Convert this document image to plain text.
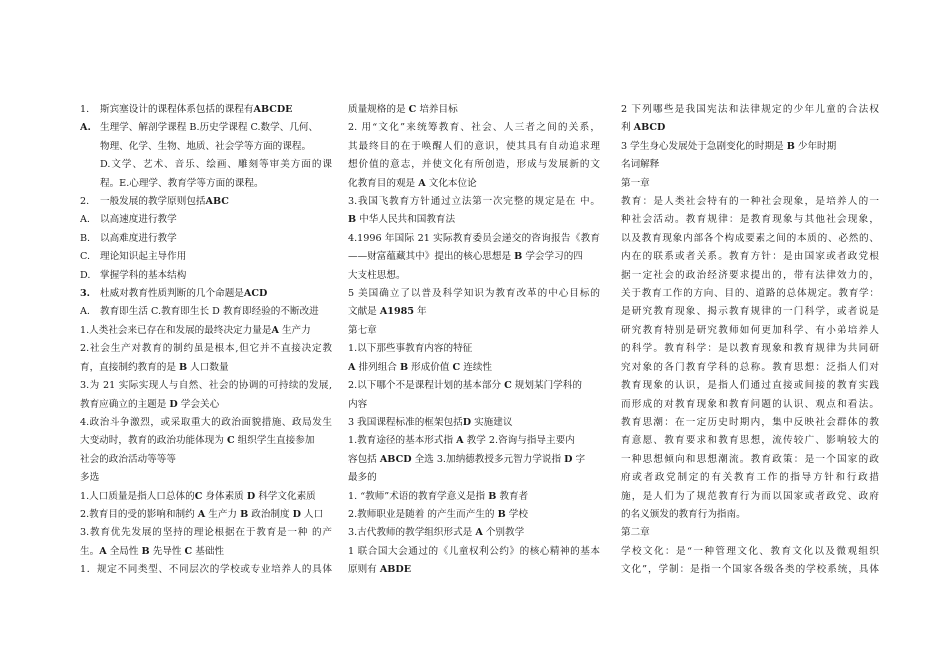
1. 斯宾塞设计的课程体系包括的课程有ABCDE
A. 生理学、解剖学课程 B.历史学课程 C.数学、几何、
物理、化学、生物、地质、社会学等方面的课程。
D.文学、艺术、音乐、绘画、雕刻等审美方面的课
程。E.心理学、教育学等方面的课程。
2. 一般发展的教学原则包括ABC
A. 以高速度进行教学
B. 以高难度进行教学
C. 理论知识起主导作用
D. 掌握学科的基本结构
3. 杜威对教育性质判断的几个命题是ACD
A. 教育即生活 C.教育即生长 D 教育即经验的不断改进
1.人类社会来已存在和发展的最终决定力量是A 生产力
2.社会生产对教育的制约虽是根本,但它并不直接决定教
育，直接制约教育的是 B 人口数量
3.为 21 实际实现人与自然、社会的协调的可持续的发展,
教育应确立的主题是 D 学会关心
4.政治斗争激烈，或采取重大的政治面貌措施、政局发生
大变动时，教育的政治功能体现为 C 组织学生直接参加
社会的政治活动等等等
多选
1.人口质量是指人口总体的C 身体素质 D 科学文化素质
2.教育目的受的影响和制约 A 生产力 B 政治制度 D 人口
3.教育优先发展的坚持的理论根据在于教育是一种 的产
生。A 全局性 B 先导性 C 基础性
1．规定不同类型、不同层次的学校或专业培养人的具体
质量规格的是 C 培养目标
2. 用“文化”来统筹教育、社会、人三者之间的关系，
其最终目的在于唤醒人们的意识，使其具有自动追求理
想价值的意志，并使文化有所创造，形成与发展新的文
化教育目的观是 A 文化本位论
3.我国飞教育方针通过立法第一次完整的规定是在 中。
B 中华人民共和国教育法
4.1996 年国际 21 实际教育委员会递交的咨询报告《教育
——财富蕴藏其中》提出的核心思想是 B 学会学习的四
大支柱思想。
5 美国确立了以普及科学知识为教育改革的中心目标的
文献是 A1985 年
第七章
1.以下那些事教育内容的特征
A 排列组合 B 形成价值 C 连续性
2.以下哪个不是课程计划的基本部分 C 规划某门学科的
内容
3 我国课程标准的框架包括D 实施建议
1.教育途径的基本形式指 A 教学 2.咨询与指导主要内
容包括 ABCD 全选 3.加纳德教授多元智力学说指 D 字
最多的
1. “教师”术语的教育学意义是指 B 教育者
2.教师职业是随着 的产生而产生的 B 学校
3.古代教师的教学组织形式是 A 个别教学
1 联合国大会通过的《儿童权利公约》的核心精神的基本
原则有 ABDE
2 下列哪些是我国宪法和法律规定的少年儿童的合法权
利 ABCD
3 学生身心发展处于急剧变化的时期是 B 少年时期
名词解释
第一章
教育：是人类社会特有的一种社会现象，是培养人的一
种社会活动。教育规律：是教育现象与其他社会现象，
以及教育现象内部各个构成要素之间的本质的、必然的、
内在的联系或者关系。教育方针：是由国家或者政党根
据一定社会的政治经济要求提出的，带有法律效力的，
关于教育工作的方向、目的、道路的总体规定。教育学：
是研究教育现象、揭示教育规律的一门科学，或者说是
研究教育特别是研究教师如何更加科学、有小弟培养人
的科学。教育科学：是以教育现象和教育规律为共同研
究对象的各门教育学科的总称。教育思想：泛指人们对
教育现象的认识，是指人们通过直接或间接的教育实践
而形成的对教育现象和教育问题的认识、观点和看法。
教育思潮：在一定历史时期内，集中反映社会群体的教
育意愿、教育要求和教育思想，流传较广、影响较大的
一种思想倾向和思想潮流。教育政策：是一个国家的政
府或者政党制定的有关教育工作的指导方针和行政措
施，是人们为了规范教育行为而以国家或者政党、政府
的名义颁发的教育行为指南。
第二章
学校文化：是“一种管理文化、教育文化以及微观组织
文化”，学制：是指一个国家各级各类的学校系统，具体
